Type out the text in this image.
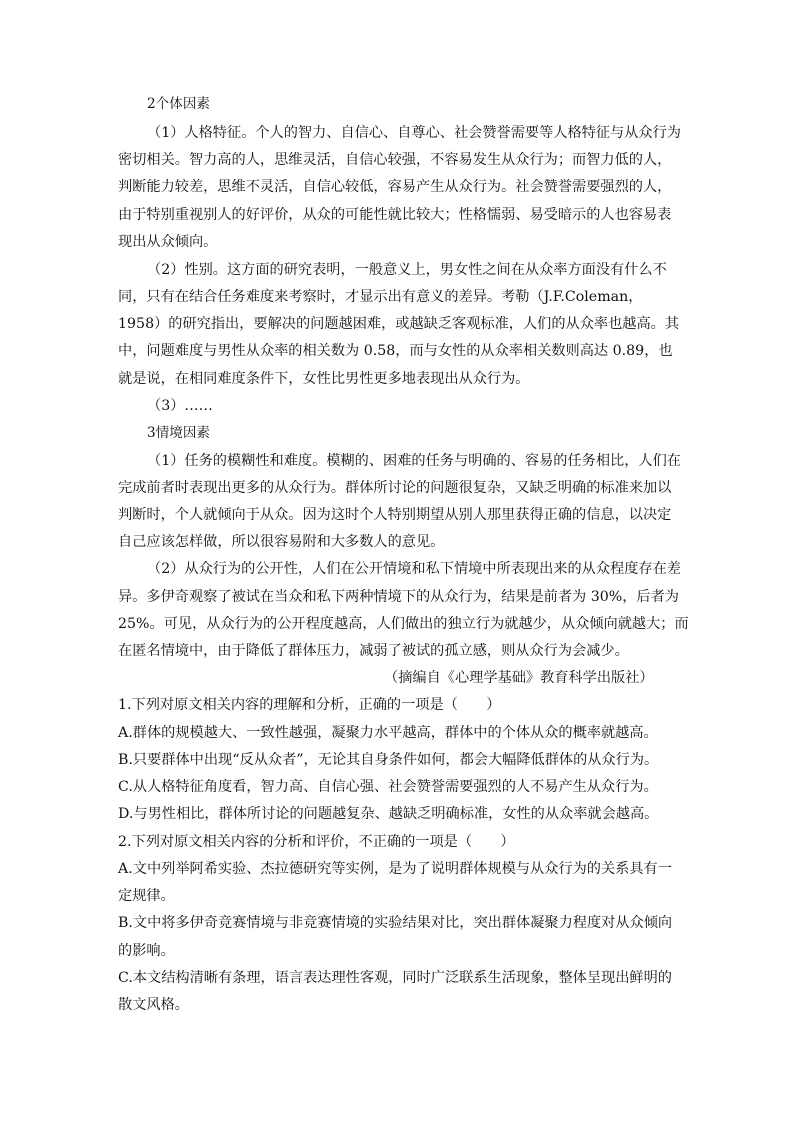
2个体因素
（1）人格特征。个人的智力、自信心、自尊心、社会赞誉需要等人格特征与从众行为
密切相关。智力高的人，思维灵活，自信心较强，不容易发生从众行为；而智力低的人，
判断能力较差，思维不灵活，自信心较低，容易产生从众行为。社会赞誉需要强烈的人，
由于特别重视别人的好评价，从众的可能性就比较大；性格懦弱、易受暗示的人也容易表
现出从众倾向。
（2）性别。这方面的研究表明，一般意义上，男女性之间在从众率方面没有什么不
同，只有在结合任务难度来考察时，才显示出有意义的差异。考勒（J.F.Coleman，
1958）的研究指出，要解决的问题越困难，或越缺乏客观标准，人们的从众率也越高。其
中，问题难度与男性从众率的相关数为 0.58，而与女性的从众率相关数则高达 0.89，也
就是说，在相同难度条件下，女性比男性更多地表现出从众行为。
（3）……
3情境因素
（1）任务的模糊性和难度。模糊的、困难的任务与明确的、容易的任务相比，人们在
完成前者时表现出更多的从众行为。群体所讨论的问题很复杂，又缺乏明确的标准来加以
判断时，个人就倾向于从众。因为这时个人特别期望从别人那里获得正确的信息，以决定
自己应该怎样做，所以很容易附和大多数人的意见。
（2）从众行为的公开性，人们在公开情境和私下情境中所表现出来的从众程度存在差
异。多伊奇观察了被试在当众和私下两种情境下的从众行为，结果是前者为 30%，后者为
25%。可见，从众行为的公开程度越高，人们做出的独立行为就越少，从众倾向就越大；而
在匿名情境中，由于降低了群体压力，减弱了被试的孤立感，则从众行为会减少。
（摘编自《心理学基础》教育科学出版社）
1.下列对原文相关内容的理解和分析，正确的一项是（　　）
A.群体的规模越大、一致性越强，凝聚力水平越高，群体中的个体从众的概率就越高。
B.只要群体中出现“反从众者”，无论其自身条件如何，都会大幅降低群体的从众行为。
C.从人格特征角度看，智力高、自信心强、社会赞誉需要强烈的人不易产生从众行为。
D.与男性相比，群体所讨论的问题越复杂、越缺乏明确标准，女性的从众率就会越高。
2.下列对原文相关内容的分析和评价，不正确的一项是（　　）
A.文中列举阿希实验、杰拉德研究等实例，是为了说明群体规模与从众行为的关系具有一
定规律。
B.文中将多伊奇竞赛情境与非竞赛情境的实验结果对比，突出群体凝聚力程度对从众倾向
的影响。
C.本文结构清晰有条理，语言表达理性客观，同时广泛联系生活现象，整体呈现出鲜明的
散文风格。
